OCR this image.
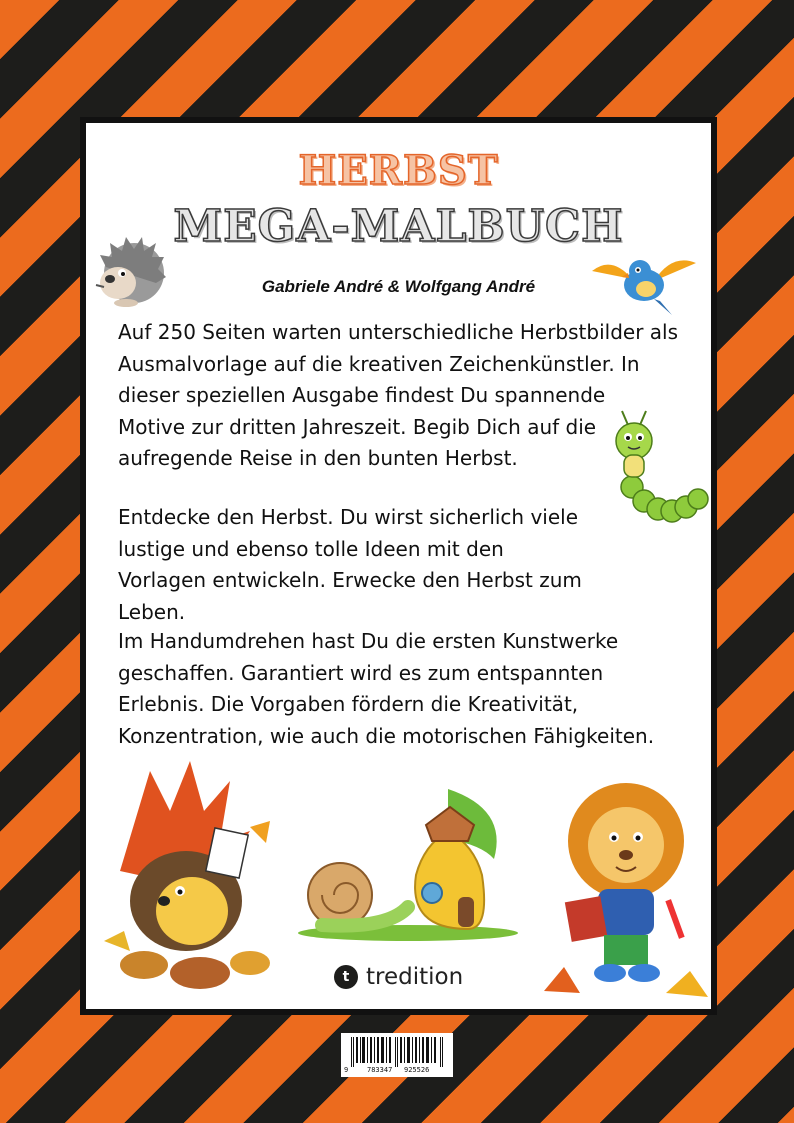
HERBST
MEGA-MALBUCH
Gabriele André & Wolfgang André

Auf 250 Seiten warten unterschiedliche Herbstbilder als Ausmalvorlage auf die kreativen Zeichenkünstler. In dieser speziellen Ausgabe findest Du spannende Motive zur dritten Jahreszeit. Begib Dich auf die aufregende Reise in den bunten Herbst.

Entdecke den Herbst. Du wirst sicherlich viele lustige und ebenso tolle Ideen mit den Vorlagen entwickeln. Erwecke den Herbst zum Leben.

Im Handumdrehen hast Du die ersten Kunstwerke geschaffen. Garantiert wird es zum entspannten Erlebnis. Die Vorgaben fördern die Kreativität, Konzentration, wie auch die motorischen Fähigkeiten.

t tredition
9	783347 925526
